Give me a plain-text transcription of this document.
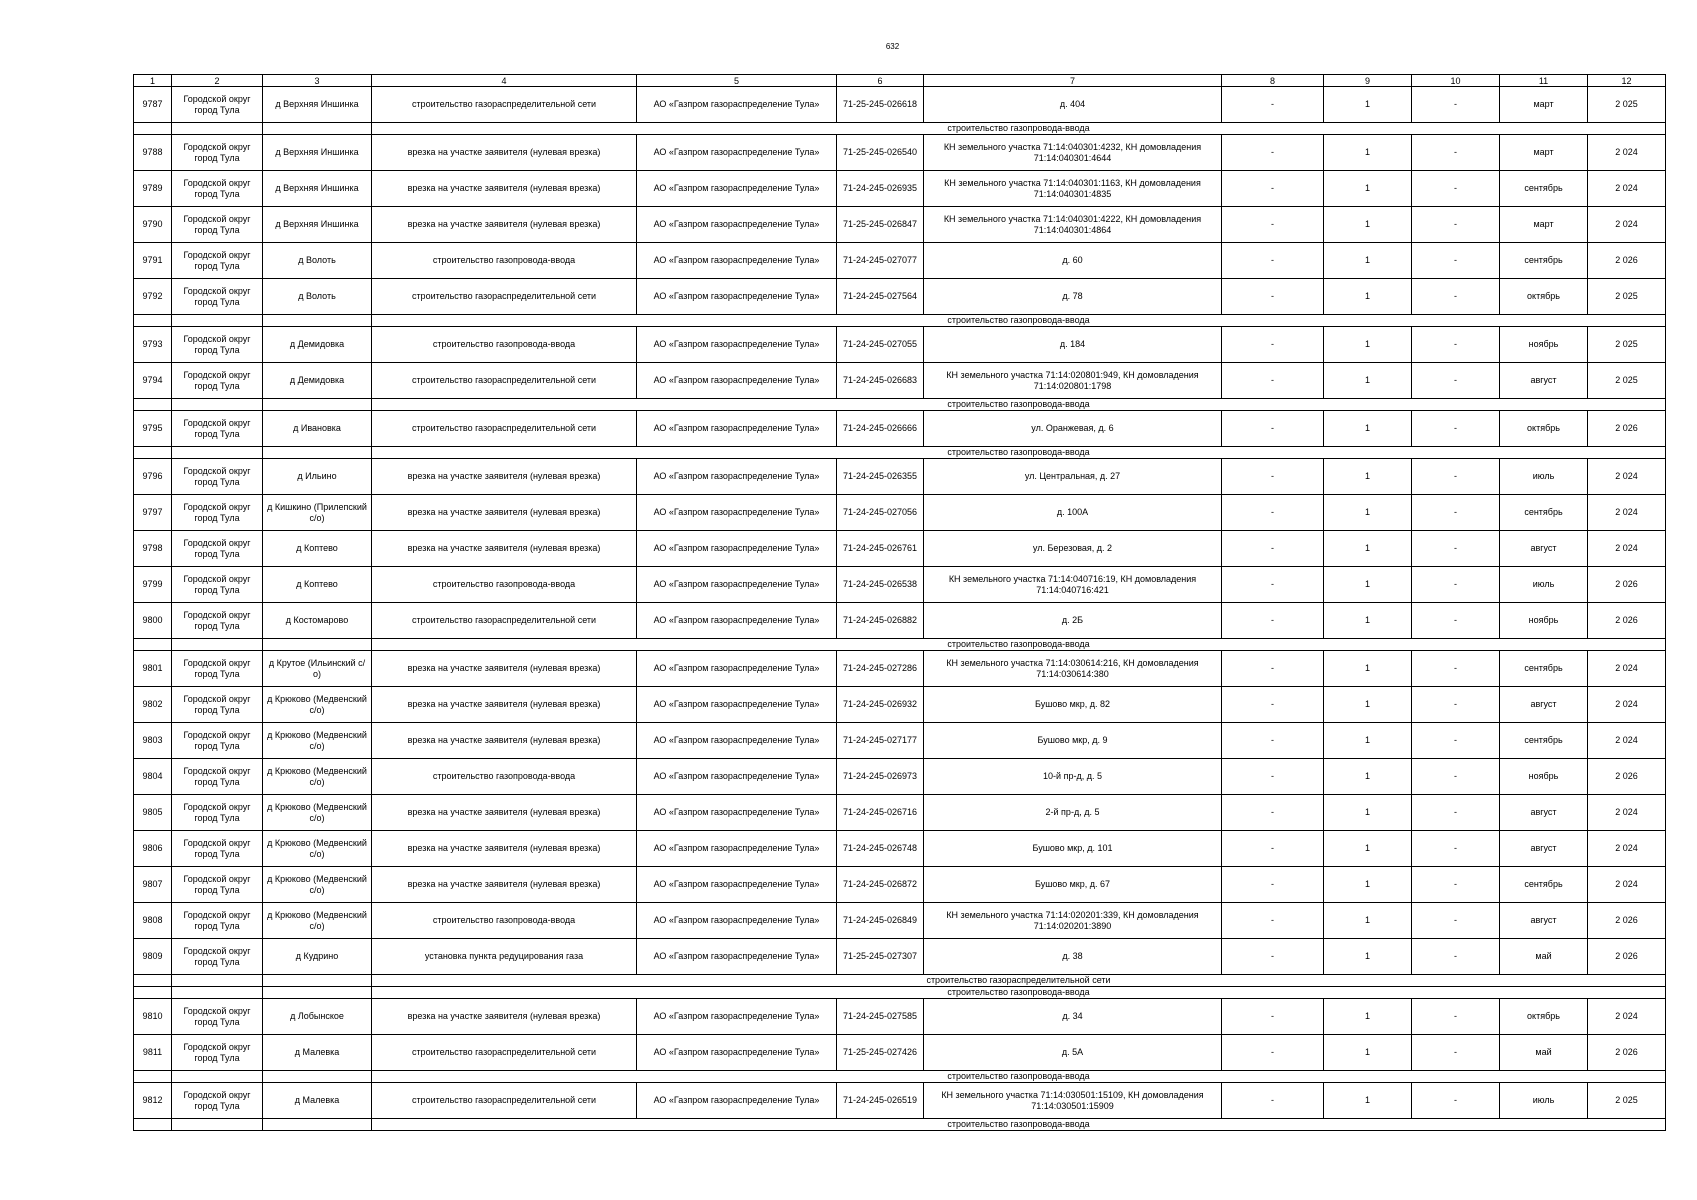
632
1	2	3	4	5	6	7	8	9	10	11	12
9787	Городской округ город Тула	д Верхняя Иншинка	строительство газораспределительной сети	АО «Газпром газораспределение Тула»	71-25-245-026618	д. 404	-	1	-	март	2 025
			строительство газопровода-ввода								
9788	Городской округ город Тула	д Верхняя Иншинка	врезка на участке заявителя (нулевая врезка)	АО «Газпром газораспределение Тула»	71-25-245-026540	КН земельного участка 71:14:040301:4232, КН домовладения 71:14:040301:4644	-	1	-	март	2 024
9789	Городской округ город Тула	д Верхняя Иншинка	врезка на участке заявителя (нулевая врезка)	АО «Газпром газораспределение Тула»	71-24-245-026935	КН земельного участка 71:14:040301:1163, КН домовладения 71:14:040301:4835	-	1	-	сентябрь	2 024
9790	Городской округ город Тула	д Верхняя Иншинка	врезка на участке заявителя (нулевая врезка)	АО «Газпром газораспределение Тула»	71-25-245-026847	КН земельного участка 71:14:040301:4222, КН домовладения 71:14:040301:4864	-	1	-	март	2 024
9791	Городской округ город Тула	д Волоть	строительство газопровода-ввода	АО «Газпром газораспределение Тула»	71-24-245-027077	д. 60	-	1	-	сентябрь	2 026
9792	Городской округ город Тула	д Волоть	строительство газораспределительной сети	АО «Газпром газораспределение Тула»	71-24-245-027564	д. 78	-	1	-	октябрь	2 025
			строительство газопровода-ввода								
9793	Городской округ город Тула	д Демидовка	строительство газопровода-ввода	АО «Газпром газораспределение Тула»	71-24-245-027055	д. 184	-	1	-	ноябрь	2 025
9794	Городской округ город Тула	д Демидовка	строительство газораспределительной сети	АО «Газпром газораспределение Тула»	71-24-245-026683	КН земельного участка 71:14:020801:949, КН домовладения 71:14:020801:1798	-	1	-	август	2 025
			строительство газопровода-ввода								
9795	Городской округ город Тула	д Ивановка	строительство газораспределительной сети	АО «Газпром газораспределение Тула»	71-24-245-026666	ул. Оранжевая, д. 6	-	1	-	октябрь	2 026
			строительство газопровода-ввода								
9796	Городской округ город Тула	д Ильино	врезка на участке заявителя (нулевая врезка)	АО «Газпром газораспределение Тула»	71-24-245-026355	ул. Центральная, д. 27	-	1	-	июль	2 024
9797	Городской округ город Тула	д Кишкино (Прилепский с/о)	врезка на участке заявителя (нулевая врезка)	АО «Газпром газораспределение Тула»	71-24-245-027056	д. 100А	-	1	-	сентябрь	2 024
9798	Городской округ город Тула	д Коптево	врезка на участке заявителя (нулевая врезка)	АО «Газпром газораспределение Тула»	71-24-245-026761	ул. Березовая, д. 2	-	1	-	август	2 024
9799	Городской округ город Тула	д Коптево	строительство газопровода-ввода	АО «Газпром газораспределение Тула»	71-24-245-026538	КН земельного участка 71:14:040716:19, КН домовладения 71:14:040716:421	-	1	-	июль	2 026
9800	Городской округ город Тула	д Костомарово	строительство газораспределительной сети	АО «Газпром газораспределение Тула»	71-24-245-026882	д. 2Б	-	1	-	ноябрь	2 026
			строительство газопровода-ввода								
9801	Городской округ город Тула	д Крутое (Ильинский с/о)	врезка на участке заявителя (нулевая врезка)	АО «Газпром газораспределение Тула»	71-24-245-027286	КН земельного участка 71:14:030614:216, КН домовладения 71:14:030614:380	-	1	-	сентябрь	2 024
9802	Городской округ город Тула	д Крюково (Медвенский с/о)	врезка на участке заявителя (нулевая врезка)	АО «Газпром газораспределение Тула»	71-24-245-026932	Бушово мкр, д. 82	-	1	-	август	2 024
9803	Городской округ город Тула	д Крюково (Медвенский с/о)	врезка на участке заявителя (нулевая врезка)	АО «Газпром газораспределение Тула»	71-24-245-027177	Бушово мкр, д. 9	-	1	-	сентябрь	2 024
9804	Городской округ город Тула	д Крюково (Медвенский с/о)	строительство газопровода-ввода	АО «Газпром газораспределение Тула»	71-24-245-026973	10-й пр-д, д. 5	-	1	-	ноябрь	2 026
9805	Городской округ город Тула	д Крюково (Медвенский с/о)	врезка на участке заявителя (нулевая врезка)	АО «Газпром газораспределение Тула»	71-24-245-026716	2-й пр-д, д. 5	-	1	-	август	2 024
9806	Городской округ город Тула	д Крюково (Медвенский с/о)	врезка на участке заявителя (нулевая врезка)	АО «Газпром газораспределение Тула»	71-24-245-026748	Бушово мкр, д. 101	-	1	-	август	2 024
9807	Городской округ город Тула	д Крюково (Медвенский с/о)	врезка на участке заявителя (нулевая врезка)	АО «Газпром газораспределение Тула»	71-24-245-026872	Бушово мкр, д. 67	-	1	-	сентябрь	2 024
9808	Городской округ город Тула	д Крюково (Медвенский с/о)	строительство газопровода-ввода	АО «Газпром газораспределение Тула»	71-24-245-026849	КН земельного участка 71:14:020201:339, КН домовладения 71:14:020201:3890	-	1	-	август	2 026
9809	Городской округ город Тула	д Кудрино	установка пункта редуцирования газа	АО «Газпром газораспределение Тула»	71-25-245-027307	д. 38	-	1	-	май	2 026
			строительство газораспределительной сети								
			строительство газопровода-ввода								
9810	Городской округ город Тула	д Лобынское	врезка на участке заявителя (нулевая врезка)	АО «Газпром газораспределение Тула»	71-24-245-027585	д. 34	-	1	-	октябрь	2 024
9811	Городской округ город Тула	д Малевка	строительство газораспределительной сети	АО «Газпром газораспределение Тула»	71-25-245-027426	д. 5А	-	1	-	май	2 026
			строительство газопровода-ввода								
9812	Городской округ город Тула	д Малевка	строительство газораспределительной сети	АО «Газпром газораспределение Тула»	71-24-245-026519	КН земельного участка 71:14:030501:15109, КН домовладения 71:14:030501:15909	-	1	-	июль	2 025
			строительство газопровода-ввода								
